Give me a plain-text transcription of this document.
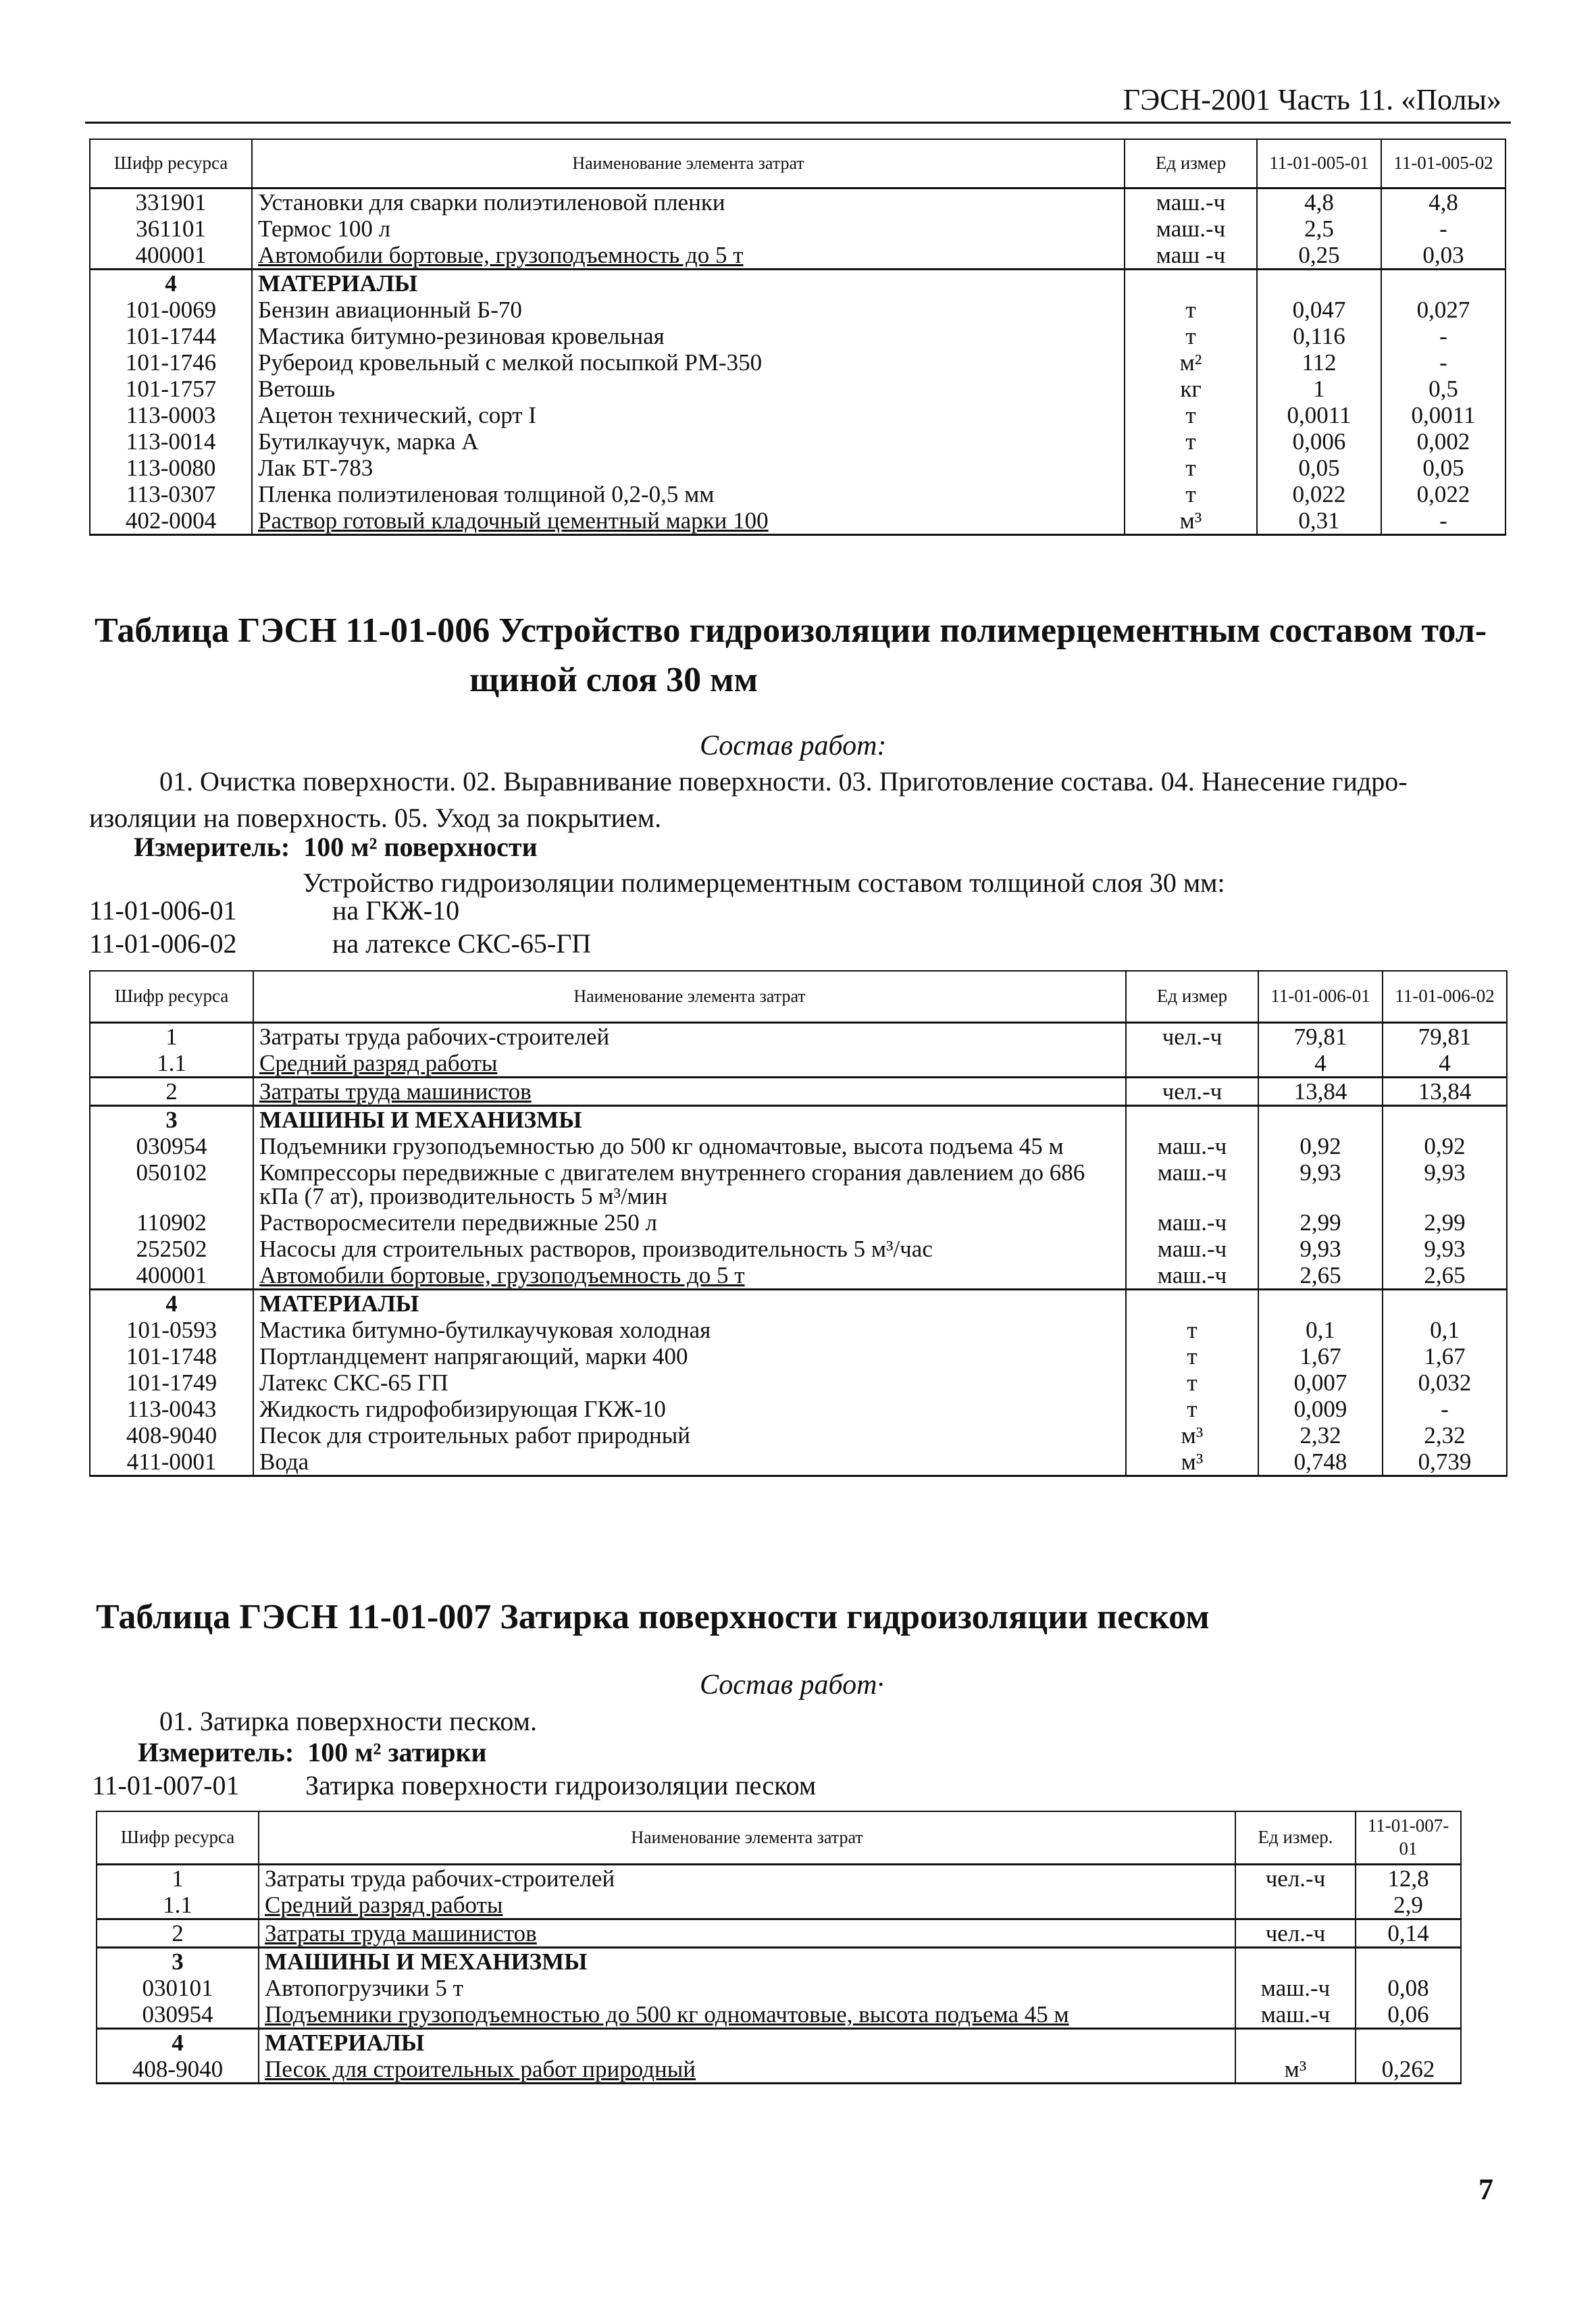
ГЭСН-2001 Часть 11. «Полы»
Шифр ресурса	Наименование элемента затрат	Ед измер	11-01-005-01	11-01-005-02
331901	Установки для сварки полиэтиленовой пленки	маш.-ч	4,8	4,8
361101	Термос 100 л	маш.-ч	2,5	-
400001	Автомобили бортовые, грузоподъемность до 5 т	маш -ч	0,25	0,03
4	МАТЕРИАЛЫ			
101-0069	Бензин авиационный Б-70	т	0,047	0,027
101-1744	Мастика битумно-резиновая кровельная	т	0,116	-
101-1746	Рубероид кровельный с мелкой посыпкой РМ-350	м²	112	-
101-1757	Ветошь	кг	1	0,5
113-0003	Ацетон технический, сорт I	т	0,0011	0,0011
113-0014	Бутилкаучук, марка А	т	0,006	0,002
113-0080	Лак БТ-783	т	0,05	0,05
113-0307	Пленка полиэтиленовая толщиной 0,2-0,5 мм	т	0,022	0,022
402-0004	Раствор готовый кладочный цементный марки 100	м³	0,31	-
Таблица ГЭСН 11-01-006 Устройство гидроизоляции полимерцементным составом тол-
щиной слоя 30 мм
Состав работ:
01. Очистка поверхности. 02. Выравнивание поверхности. 03. Приготовление состава. 04. Нанесение гидро-
изоляции на поверхность. 05. Уход за покрытием.
Измеритель: 100 м² поверхности
Устройство гидроизоляции полимерцементным составом толщиной слоя 30 мм:
11-01-006-01	на ГКЖ-10
11-01-006-02	на латексе СКС-65-ГП
Шифр ресурса	Наименование элемента затрат	Ед измер	11-01-006-01	11-01-006-02
1	Затраты труда рабочих-строителей	чел.-ч	79,81	79,81
1.1	Средний разряд работы		4	4
2	Затраты труда машинистов	чел.-ч	13,84	13,84
3	МАШИНЫ И МЕХАНИЗМЫ			
030954	Подъемники грузоподъемностью до 500 кг одномачтовые, высота подъема 45 м	маш.-ч	0,92	0,92
050102	Компрессоры передвижные с двигателем внутреннего сгорания давлением до 686 кПа (7 ат), производительность 5 м³/мин	маш.-ч	9,93	9,93
110902	Растворосмесители передвижные 250 л	маш.-ч	2,99	2,99
252502	Насосы для строительных растворов, производительность 5 м³/час	маш.-ч	9,93	9,93
400001	Автомобили бортовые, грузоподъемность до 5 т	маш.-ч	2,65	2,65
4	МАТЕРИАЛЫ			
101-0593	Мастика битумно-бутилкаучуковая холодная	т	0,1	0,1
101-1748	Портландцемент напрягающий, марки 400	т	1,67	1,67
101-1749	Латекс СКС-65 ГП	т	0,007	0,032
113-0043	Жидкость гидрофобизирующая ГКЖ-10	т	0,009	-
408-9040	Песок для строительных работ природный	м³	2,32	2,32
411-0001	Вода	м³	0,748	0,739
Таблица ГЭСН 11-01-007 Затирка поверхности гидроизоляции песком
Состав работ·
01. Затирка поверхности песком.
Измеритель: 100 м² затирки
11-01-007-01 Затирка поверхности гидроизоляции песком
Шифр ресурса	Наименование элемента затрат	Ед измер.	11-01-007-01
1	Затраты труда рабочих-строителей	чел.-ч	12,8
1.1	Средний разряд работы		2,9
2	Затраты труда машинистов	чел.-ч	0,14
3	МАШИНЫ И МЕХАНИЗМЫ		
030101	Автопогрузчики 5 т	маш.-ч	0,08
030954	Подъемники грузоподъемностью до 500 кг одномачтовые, высота подъема 45 м	маш.-ч	0,06
4	МАТЕРИАЛЫ		
408-9040	Песок для строительных работ природный	м³	0,262
7
